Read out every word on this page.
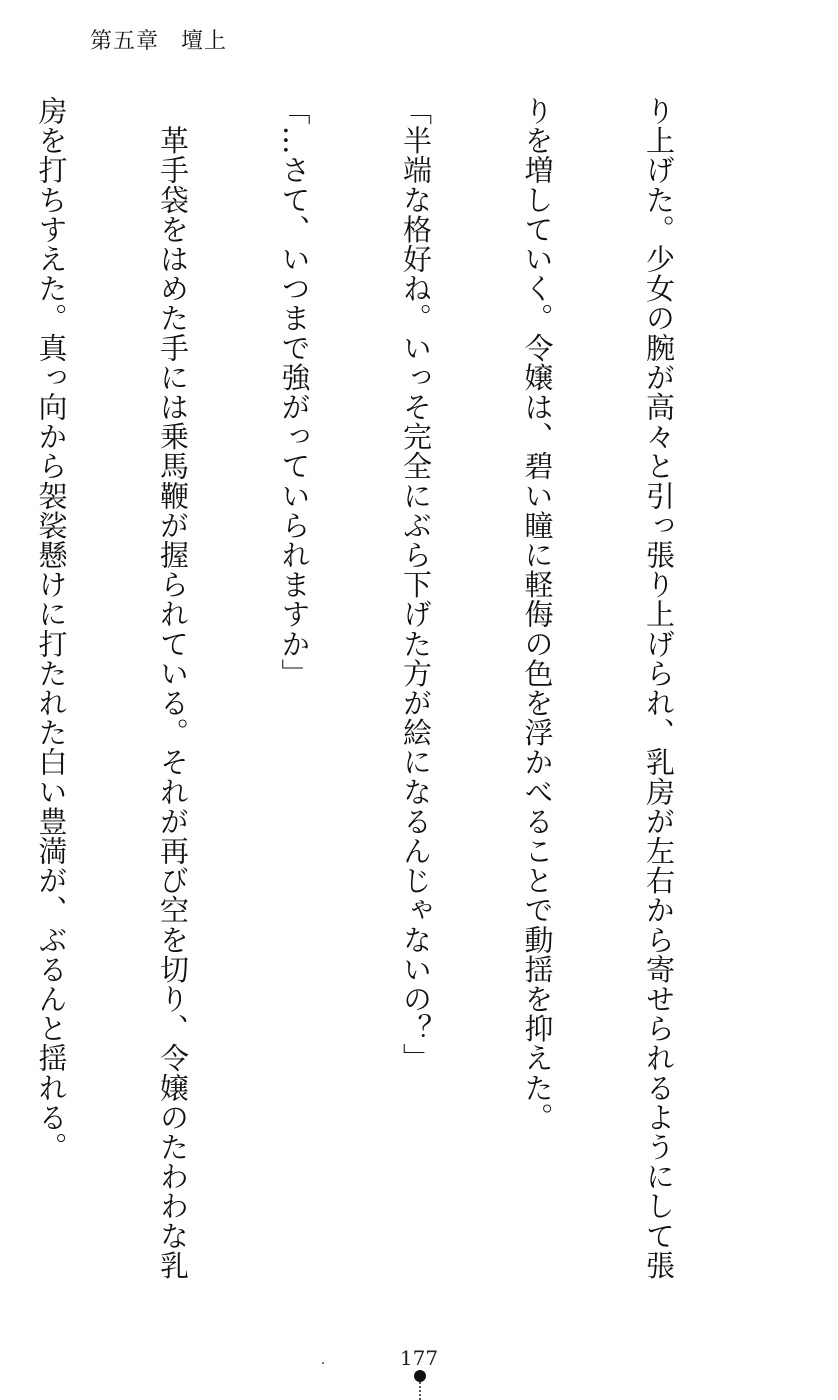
第五章 壇上

り上げた。少女の腕が高々と引っ張り上げられ、乳房が左右から寄せられるようにして張

りを増していく。令嬢は、碧い瞳に軽侮の色を浮かべることで動揺を抑えた。

「半端な格好ね。いっそ完全にぶら下げた方が絵になるんじゃないの？」

「…さて、いつまで強がっていられますか」

　革手袋をはめた手には乗馬鞭が握られている。それが再び空を切り、令嬢のたわわな乳

房を打ちすえた。真っ向から袈裟懸けに打たれた白い豊満が、ぶるんと揺れる。

177
